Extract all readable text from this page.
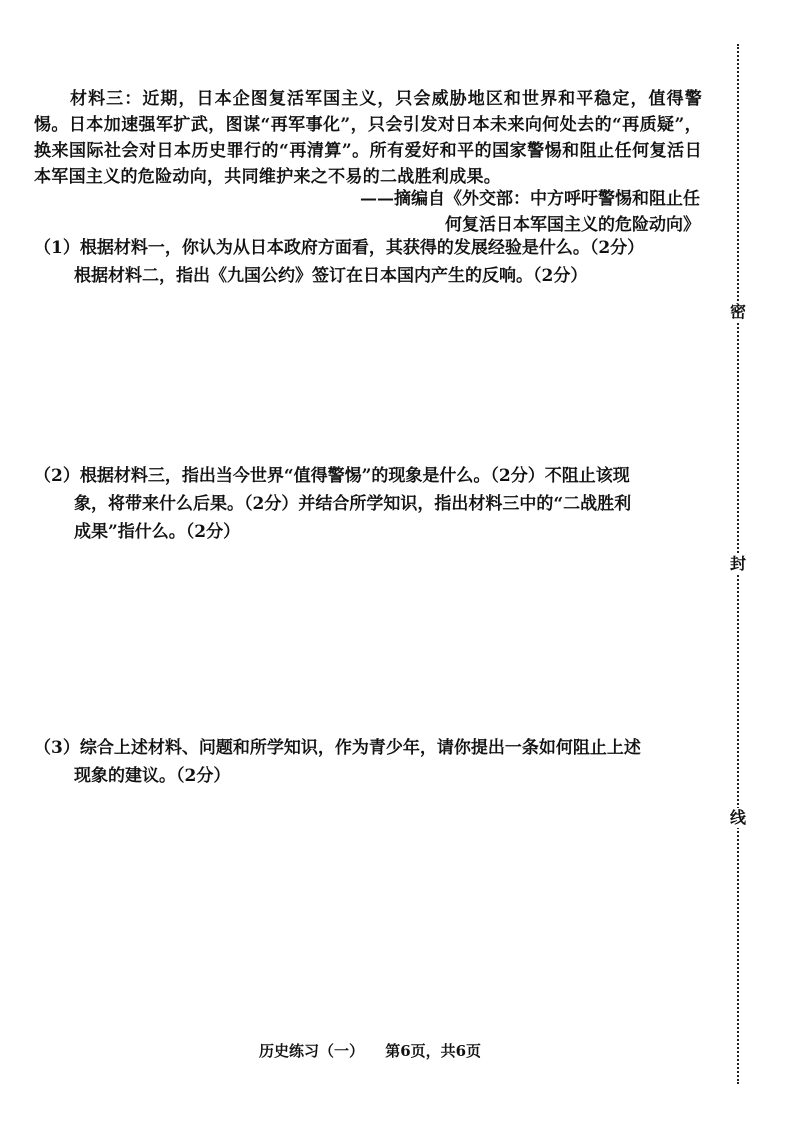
材料三：近期，日本企图复活军国主义，只会威胁地区和世界和平稳定，值得警惕。日本加速强军扩武，图谋“再军事化”，只会引发对日本未来向何处去的“再质疑”，换来国际社会对日本历史罪行的“再清算”。所有爱好和平的国家警惕和阻止任何复活日本军国主义的危险动向，共同维护来之不易的二战胜利成果。

——摘编自《外交部：中方呼吁警惕和阻止任
何复活日本军国主义的危险动向》
（1）根据材料一，你认为从日本政府方面看，其获得的发展经验是什么。（2分）
根据材料二，指出《九国公约》签订在日本国内产生的反响。（2分）
（2）根据材料三，指出当今世界“值得警惕”的现象是什么。（2分）不阻止该现
象，将带来什么后果。（2分）并结合所学知识，指出材料三中的“二战胜利
成果”指什么。（2分）
（3）综合上述材料、问题和所学知识，作为青少年，请你提出一条如何阻止上述
现象的建议。（2分）
历史练习（一） 第6页，共6页
密
封
线
